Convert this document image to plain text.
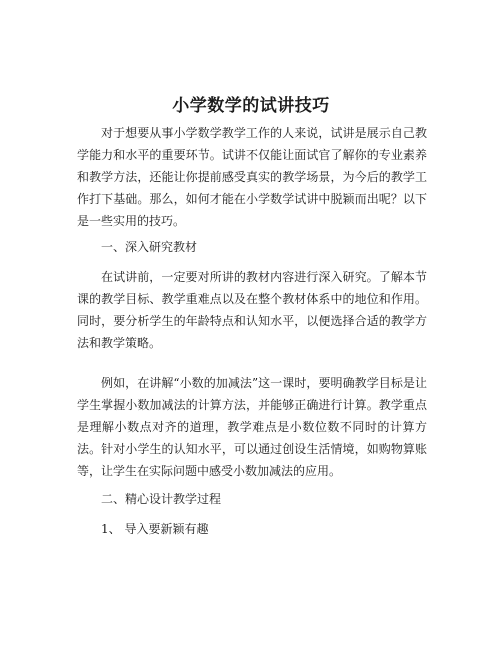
小学数学的试讲技巧

对于想要从事小学数学教学工作的人来说，试讲是展示自己教学能力和水平的重要环节。试讲不仅能让面试官了解你的专业素养和教学方法，还能让你提前感受真实的教学场景，为今后的教学工作打下基础。那么，如何才能在小学数学试讲中脱颖而出呢？以下是一些实用的技巧。

一、深入研究教材

在试讲前，一定要对所讲的教材内容进行深入研究。了解本节课的教学目标、教学重难点以及在整个教材体系中的地位和作用。同时，要分析学生的年龄特点和认知水平，以便选择合适的教学方法和教学策略。

例如，在讲解“小数的加减法”这一课时，要明确教学目标是让学生掌握小数加减法的计算方法，并能够正确进行计算。教学重点是理解小数点对齐的道理，教学难点是小数位数不同时的计算方法。针对小学生的认知水平，可以通过创设生活情境，如购物算账等，让学生在实际问题中感受小数加减法的应用。

二、精心设计教学过程

1、 导入要新颖有趣
